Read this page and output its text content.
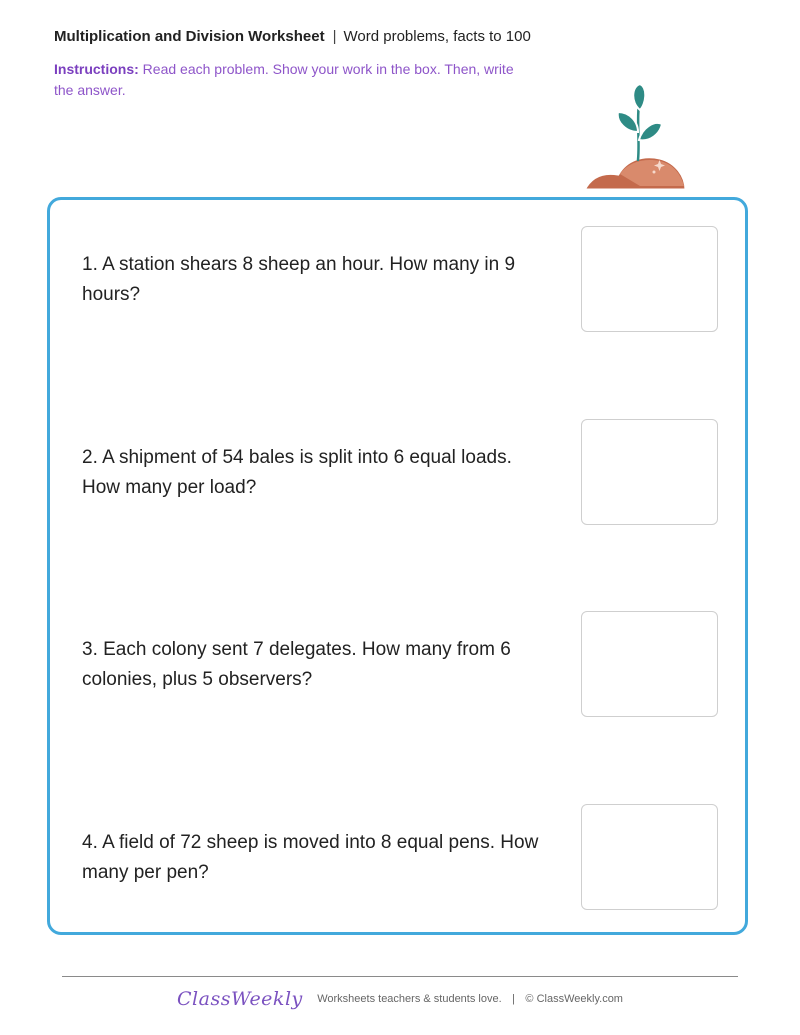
Multiplication and Division Worksheet | Word problems, facts to 100
Instructions: Read each problem. Show your work in the box. Then, write the answer.
1. A station shears 8 sheep an hour. How many in 9 hours?
2. A shipment of 54 bales is split into 6 equal loads. How many per load?
3. Each colony sent 7 delegates. How many from 6 colonies, plus 5 observers?
4. A field of 72 sheep is moved into 8 equal pens. How many per pen?
ClassWeekly Worksheets teachers & students love. | © ClassWeekly.com
